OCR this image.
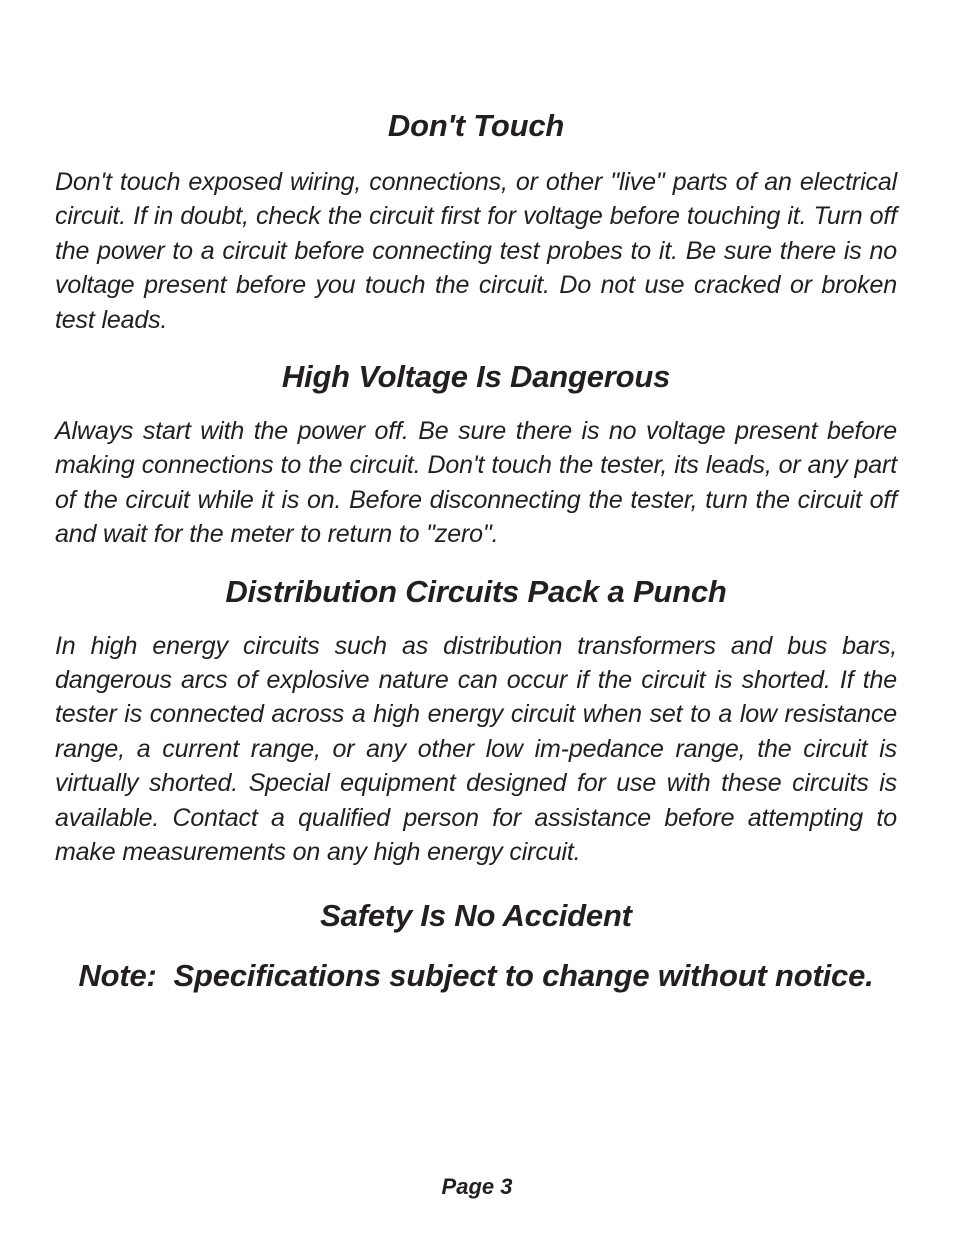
Don't Touch

Don't touch exposed wiring, connections, or other "live" parts of an electrical circuit. If in doubt, check the circuit first for voltage before touching it. Turn off the power to a circuit before connecting test probes to it. Be sure there is no voltage present before you touch the circuit. Do not use cracked or broken test leads.

High Voltage Is Dangerous

Always start with the power off. Be sure there is no voltage present before making connections to the circuit. Don't touch the tester, its leads, or any part of the circuit while it is on. Before disconnecting the tester, turn the circuit off and wait for the meter to return to "zero".

Distribution Circuits Pack a Punch

In high energy circuits such as distribution transformers and bus bars, dangerous arcs of explosive nature can occur if the circuit is shorted. If the tester is connected across a high energy circuit when set to a low resistance range, a current range, or any other low im-pedance range, the circuit is virtually shorted. Special equipment designed for use with these circuits is available. Contact a qualified person for assistance before attempting to make measurements on any high energy circuit.

Safety Is No Accident

Note:  Specifications subject to change without notice.

Page 3
